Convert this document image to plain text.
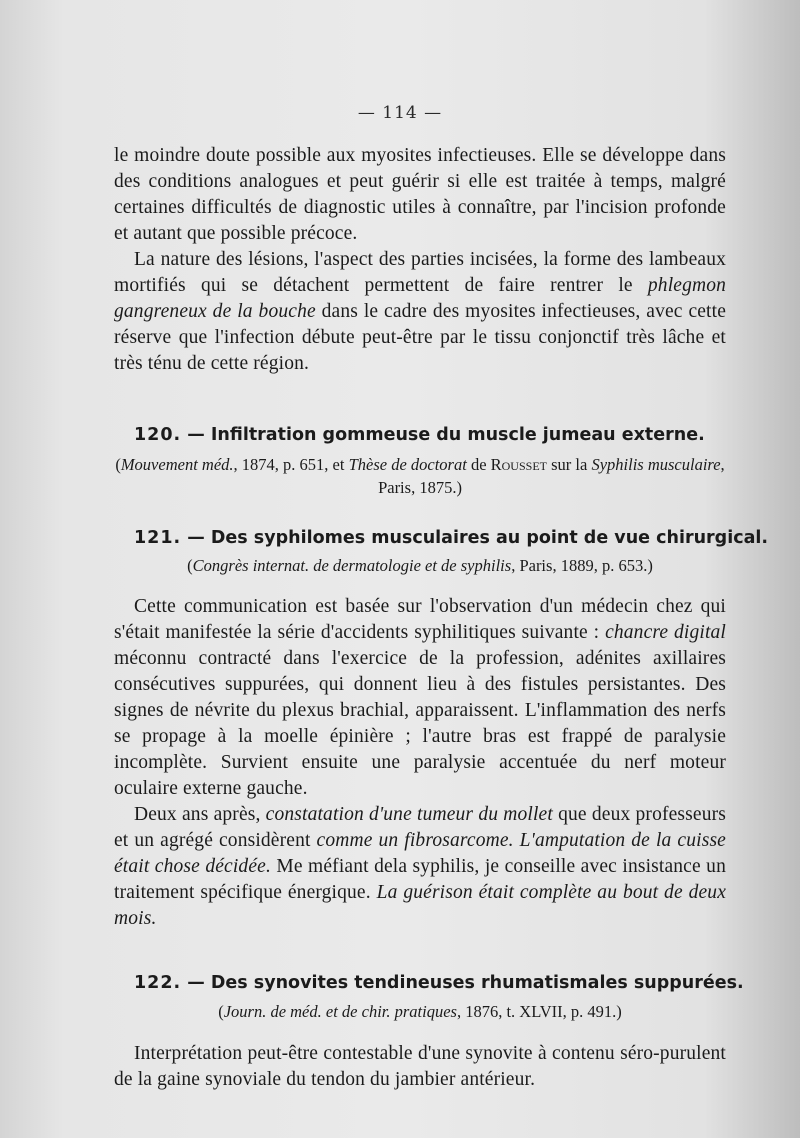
— 114 —

le moindre doute possible aux myosites infectieuses. Elle se développe dans des conditions analogues et peut guérir si elle est traitée à temps, malgré certaines difficultés de diagnostic utiles à connaître, par l'incision profonde et autant que possible précoce.

La nature des lésions, l'aspect des parties incisées, la forme des lambeaux mortifiés qui se détachent permettent de faire rentrer le phlegmon gangreneux de la bouche dans le cadre des myosites infectieuses, avec cette réserve que l'infection débute peut-être par le tissu conjonctif très lâche et très ténu de cette région.

120. — Infiltration gommeuse du muscle jumeau externe.
(Mouvement méd., 1874, p. 651, et Thèse de doctorat de Rousset sur la Syphilis musculaire, Paris, 1875.)
121. — Des syphilomes musculaires au point de vue chirurgical.
(Congrès internat. de dermatologie et de syphilis, Paris, 1889, p. 653.)

Cette communication est basée sur l'observation d'un médecin chez qui s'était manifestée la série d'accidents syphilitiques suivante : chancre digital méconnu contracté dans l'exercice de la profession, adénites axillaires consécutives suppurées, qui donnent lieu à des fistules persistantes. Des signes de névrite du plexus brachial, apparaissent. L'inflammation des nerfs se propage à la moelle épinière ; l'autre bras est frappé de paralysie incomplète. Survient ensuite une paralysie accentuée du nerf moteur oculaire externe gauche.

Deux ans après, constatation d'une tumeur du mollet que deux professeurs et un agrégé considèrent comme un fibrosarcome. L'amputation de la cuisse était chose décidée. Me méfiant dela syphilis, je conseille avec insistance un traitement spécifique énergique. La guérison était complète au bout de deux mois.

122. — Des synovites tendineuses rhumatismales suppurées.
(Journ. de méd. et de chir. pratiques, 1876, t. XLVII, p. 491.)

Interprétation peut-être contestable d'une synovite à contenu séro-purulent de la gaine synoviale du tendon du jambier antérieur.
